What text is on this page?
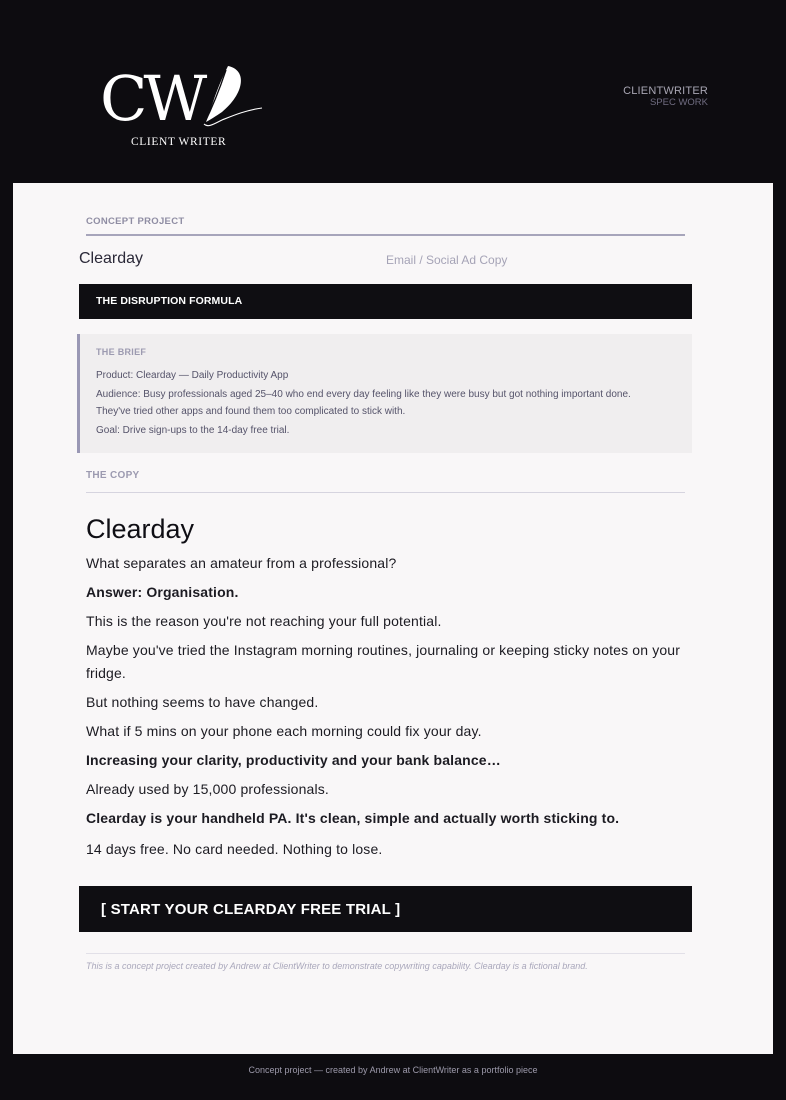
CW
CLIENT WRITER
CLIENTWRITER
SPEC WORK
CONCEPT PROJECT
Clearday	Email / Social Ad Copy
THE DISRUPTION FORMULA
THE BRIEF
Product: Clearday — Daily Productivity App
Audience: Busy professionals aged 25–40 who end every day feeling like they were busy but got nothing important done.
They've tried other apps and found them too complicated to stick with.
Goal: Drive sign-ups to the 14-day free trial.
THE COPY
Clearday
What separates an amateur from a professional?
Answer: Organisation.
This is the reason you're not reaching your full potential.
Maybe you've tried the Instagram morning routines, journaling or keeping sticky notes on your fridge.
But nothing seems to have changed.
What if 5 mins on your phone each morning could fix your day.
Increasing your clarity, productivity and your bank balance…
Already used by 15,000 professionals.
Clearday is your handheld PA. It's clean, simple and actually worth sticking to.
14 days free. No card needed. Nothing to lose.
[ START YOUR CLEARDAY FREE TRIAL ]
This is a concept project created by Andrew at ClientWriter to demonstrate copywriting capability. Clearday is a fictional brand.
Concept project — created by Andrew at ClientWriter as a portfolio piece
